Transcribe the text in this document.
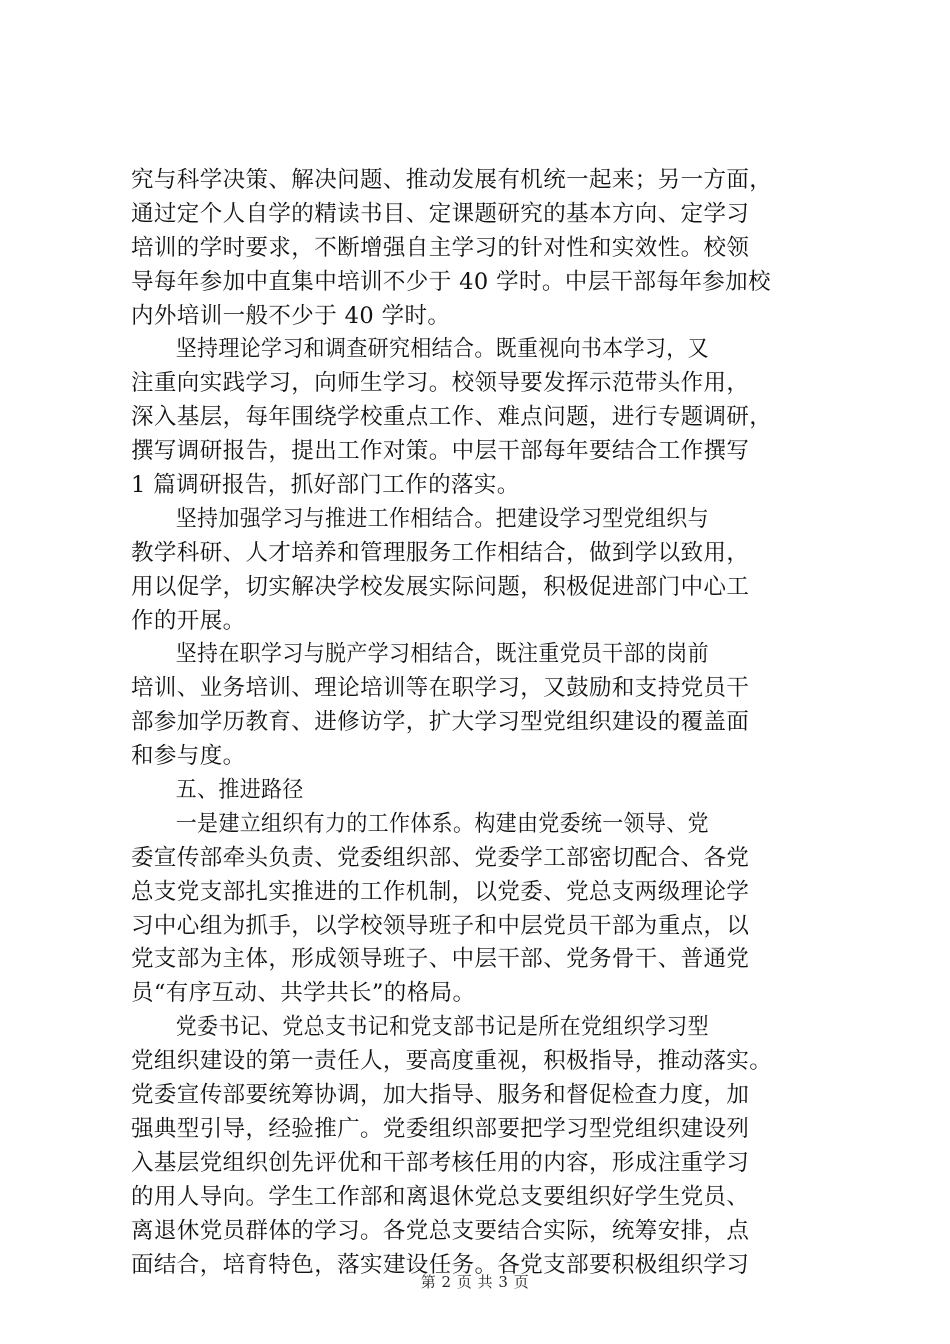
究与科学决策、解决问题、推动发展有机统一起来；另一方面，
通过定个人自学的精读书目、定课题研究的基本方向、定学习
培训的学时要求，不断增强自主学习的针对性和实效性。校领
导每年参加中直集中培训不少于 40 学时。中层干部每年参加校
内外培训一般不少于 40 学时。
坚持理论学习和调查研究相结合。既重视向书本学习，又
注重向实践学习，向师生学习。校领导要发挥示范带头作用，
深入基层，每年围绕学校重点工作、难点问题，进行专题调研，
撰写调研报告，提出工作对策。中层干部每年要结合工作撰写
1 篇调研报告，抓好部门工作的落实。
坚持加强学习与推进工作相结合。把建设学习型党组织与
教学科研、人才培养和管理服务工作相结合，做到学以致用，
用以促学，切实解决学校发展实际问题，积极促进部门中心工
作的开展。
坚持在职学习与脱产学习相结合，既注重党员干部的岗前
培训、业务培训、理论培训等在职学习，又鼓励和支持党员干
部参加学历教育、进修访学，扩大学习型党组织建设的覆盖面
和参与度。
五、推进路径
一是建立组织有力的工作体系。构建由党委统一领导、党
委宣传部牵头负责、党委组织部、党委学工部密切配合、各党
总支党支部扎实推进的工作机制，以党委、党总支两级理论学
习中心组为抓手，以学校领导班子和中层党员干部为重点，以
党支部为主体，形成领导班子、中层干部、党务骨干、普通党
员“有序互动、共学共长”的格局。
党委书记、党总支书记和党支部书记是所在党组织学习型
党组织建设的第一责任人，要高度重视，积极指导，推动落实。
党委宣传部要统筹协调，加大指导、服务和督促检查力度，加
强典型引导，经验推广。党委组织部要把学习型党组织建设列
入基层党组织创先评优和干部考核任用的内容，形成注重学习
的用人导向。学生工作部和离退休党总支要组织好学生党员、
离退休党员群体的学习。各党总支要结合实际，统筹安排，点
面结合，培育特色，落实建设任务。各党支部要积极组织学习
第 2 页 共 3 页
